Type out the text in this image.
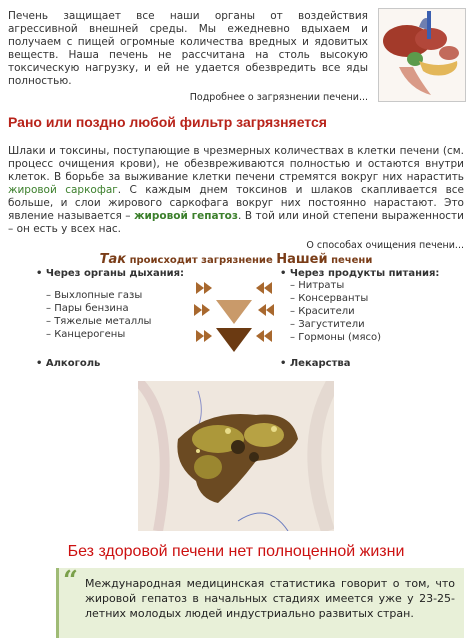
Печень защищает все наши органы от воздействия агрессивной внешней среды. Мы ежедневно вдыхаем и получаем с пищей огромные количества вредных и ядовитых веществ. Наша печень не рассчитана на столь высокую токсическую нагрузку, и ей не удается обезвредить все яды полностью.

Подробнее о загрязнении печени...
Рано или поздно любой фильтр загрязняется

Шлаки и токсины, поступающие в чрезмерных количествах в клетки печени (см. процесс очищения крови), не обезвреживаются полностью и остаются внутри клеток. В борьбе за выживание клетки печени стремятся вокруг них нарастить жировой саркофаг. С каждым днем токсинов и шлаков скапливается все больше, и слои жирового саркофага вокруг них постоянно нарастают. Это явление называется – жировой гепатоз. В той или иной степени выраженности – он есть у всех нас.

О способах очищения печени...
Так происходит загрязнение Нашей печени
• Через органы дыхания:
– Выхлопные газы
– Пары бензина
– Тяжелые металлы
– Канцерогены
• Через продукты питания:
– Нитраты
– Консерванты
– Красители
– Загустители
– Гормоны (мясо)
• Алкоголь	• Лекарства
Без здоровой печени нет полноценной жизни
“ Международная медицинская статистика говорит о том, что жировой гепатоз в начальных стадиях имеется уже у 23-25-летних молодых людей индустриально развитых стран.
